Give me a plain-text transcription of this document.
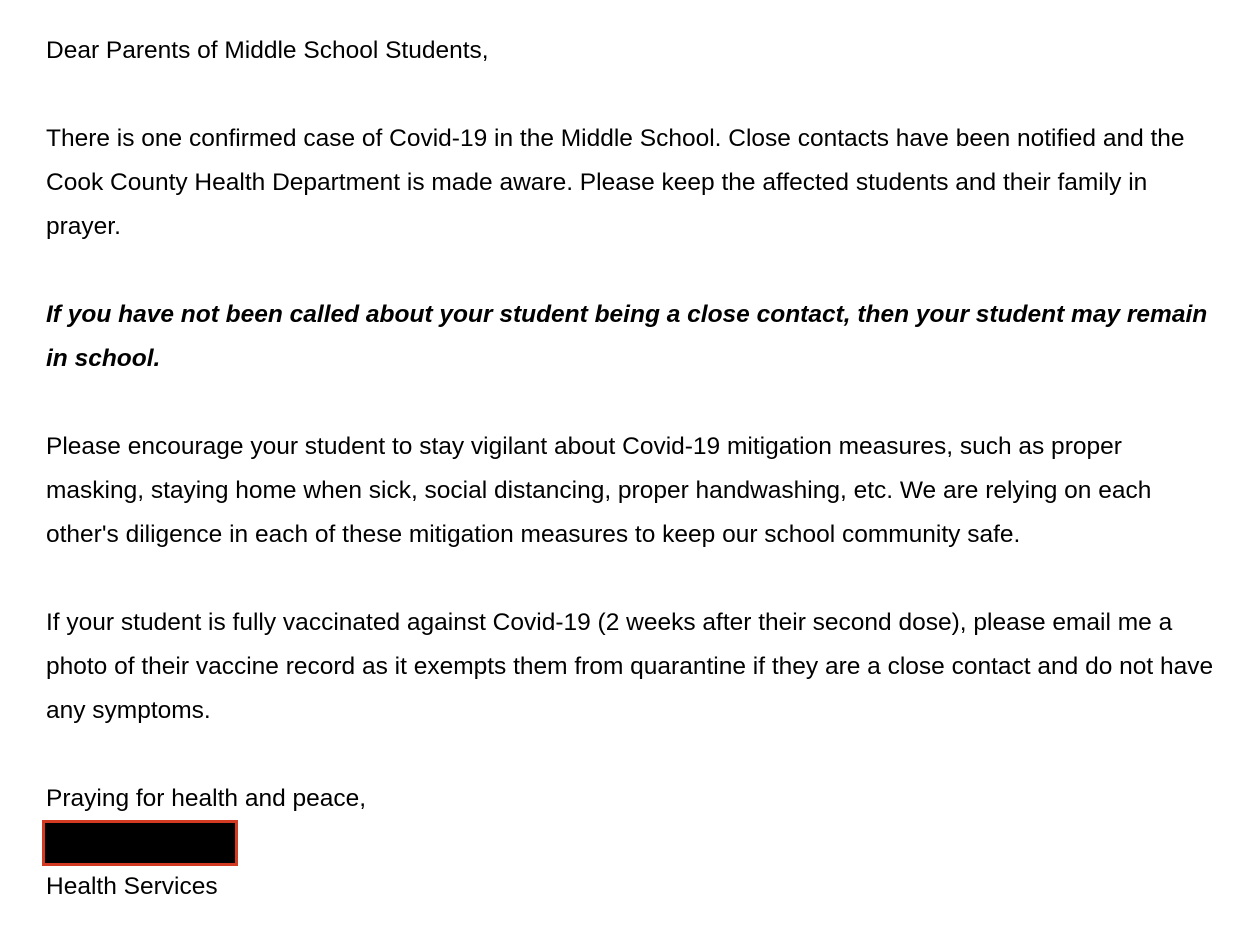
Dear Parents of Middle School Students,

There is one confirmed case of Covid-19 in the Middle School. Close contacts have been notified and the Cook County Health Department is made aware. Please keep the affected students and their family in prayer.

If you have not been called about your student being a close contact, then your student may remain in school.

Please encourage your student to stay vigilant about Covid-19 mitigation measures, such as proper masking, staying home when sick, social distancing, proper handwashing, etc. We are relying on each other's diligence in each of these mitigation measures to keep our school community safe.

If your student is fully vaccinated against Covid-19 (2 weeks after their second dose), please email me a photo of their vaccine record as it exempts them from quarantine if they are a close contact and do not have any symptoms.

Praying for health and peace,

Health Services
